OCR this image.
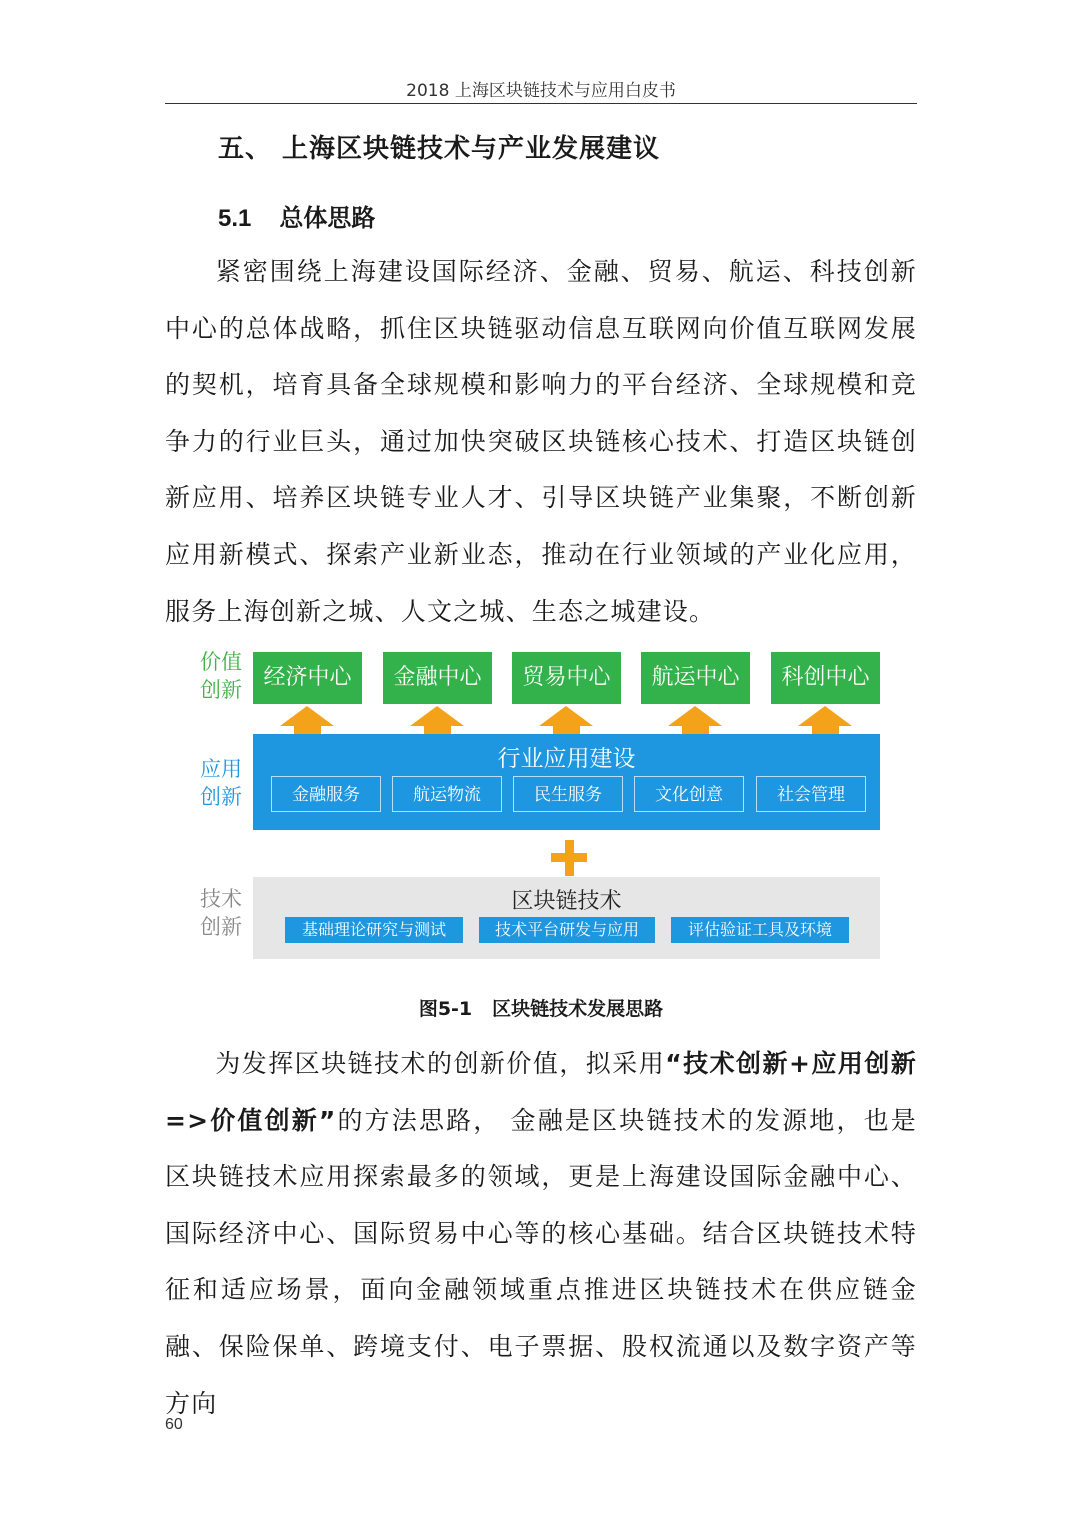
2018 上海区块链技术与应用白皮书
五、 上海区块链技术与产业发展建议
5.1 总体思路
紧密围绕上海建设国际经济、金融、贸易、航运、科技创新中心的总体战略，抓住区块链驱动信息互联网向价值互联网发展的契机，培育具备全球规模和影响力的平台经济、全球规模和竞争力的行业巨头，通过加快突破区块链核心技术、打造区块链创新应用、培养区块链专业人才、引导区块链产业集聚，不断创新应用新模式、探索产业新业态，推动在行业领域的产业化应用，服务上海创新之城、人文之城、生态之城建设。
价值
创新
应用
创新
技术
创新
经济中心	金融中心	贸易中心	航运中心	科创中心
行业应用建设
金融服务	航运物流	民生服务	文化创意	社会管理
区块链技术
基础理论研究与测试	技术平台研发与应用	评估验证工具及环境
图5-1 区块链技术发展思路
为发挥区块链技术的创新价值，拟采用“技术创新+应用创新=>价值创新”的方法思路， 金融是区块链技术的发源地，也是区块链技术应用探索最多的领域，更是上海建设国际金融中心、国际经济中心、国际贸易中心等的核心基础。结合区块链技术特征和适应场景，面向金融领域重点推进区块链技术在供应链金融、保险保单、跨境支付、电子票据、股权流通以及数字资产等方向
60
